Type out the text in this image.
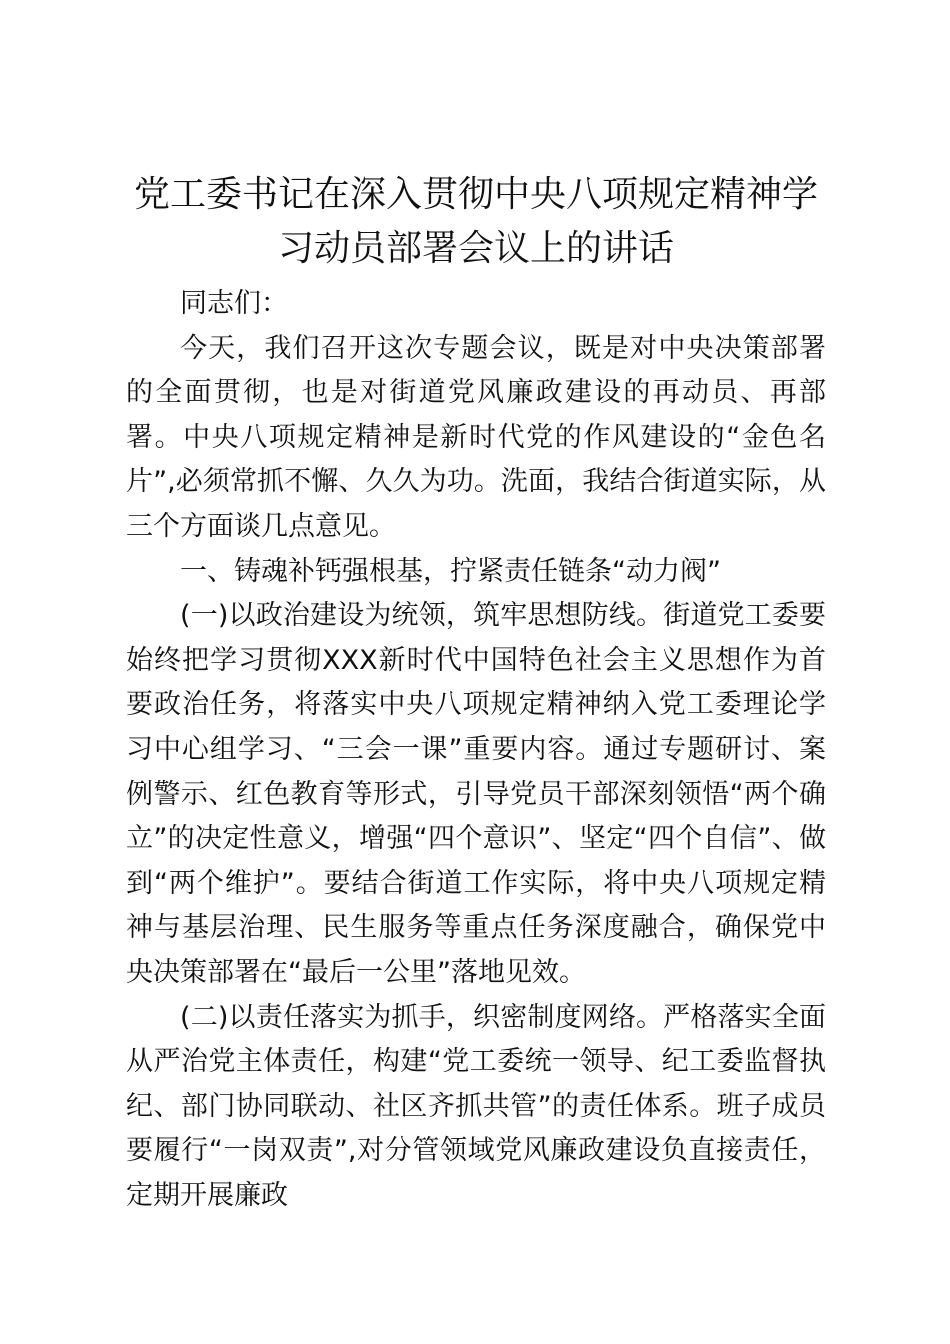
党工委书记在深入贯彻中央八项规定精神学习动员部署会议上的讲话

同志们：

今天，我们召开这次专题会议，既是对中央决策部署的全面贯彻，也是对街道党风廉政建设的再动员、再部署。中央八项规定精神是新时代党的作风建设的“金色名片”,必须常抓不懈、久久为功。洗面，我结合街道实际，从三个方面谈几点意见。

一、铸魂补钙强根基，拧紧责任链条“动力阀”

(一)以政治建设为统领，筑牢思想防线。街道党工委要始终把学习贯彻XXX新时代中国特色社会主义思想作为首要政治任务，将落实中央八项规定精神纳入党工委理论学习中心组学习、“三会一课”重要内容。通过专题研讨、案例警示、红色教育等形式，引导党员干部深刻领悟“两个确立”的决定性意义，增强“四个意识”、坚定“四个自信”、做到“两个维护”。要结合街道工作实际，将中央八项规定精神与基层治理、民生服务等重点任务深度融合，确保党中央决策部署在“最后一公里”落地见效。

(二)以责任落实为抓手，织密制度网络。严格落实全面从严治党主体责任，构建“党工委统一领导、纪工委监督执纪、部门协同联动、社区齐抓共管”的责任体系。班子成员要履行“一岗双责”,对分管领域党风廉政建设负直接责任，定期开展廉政
